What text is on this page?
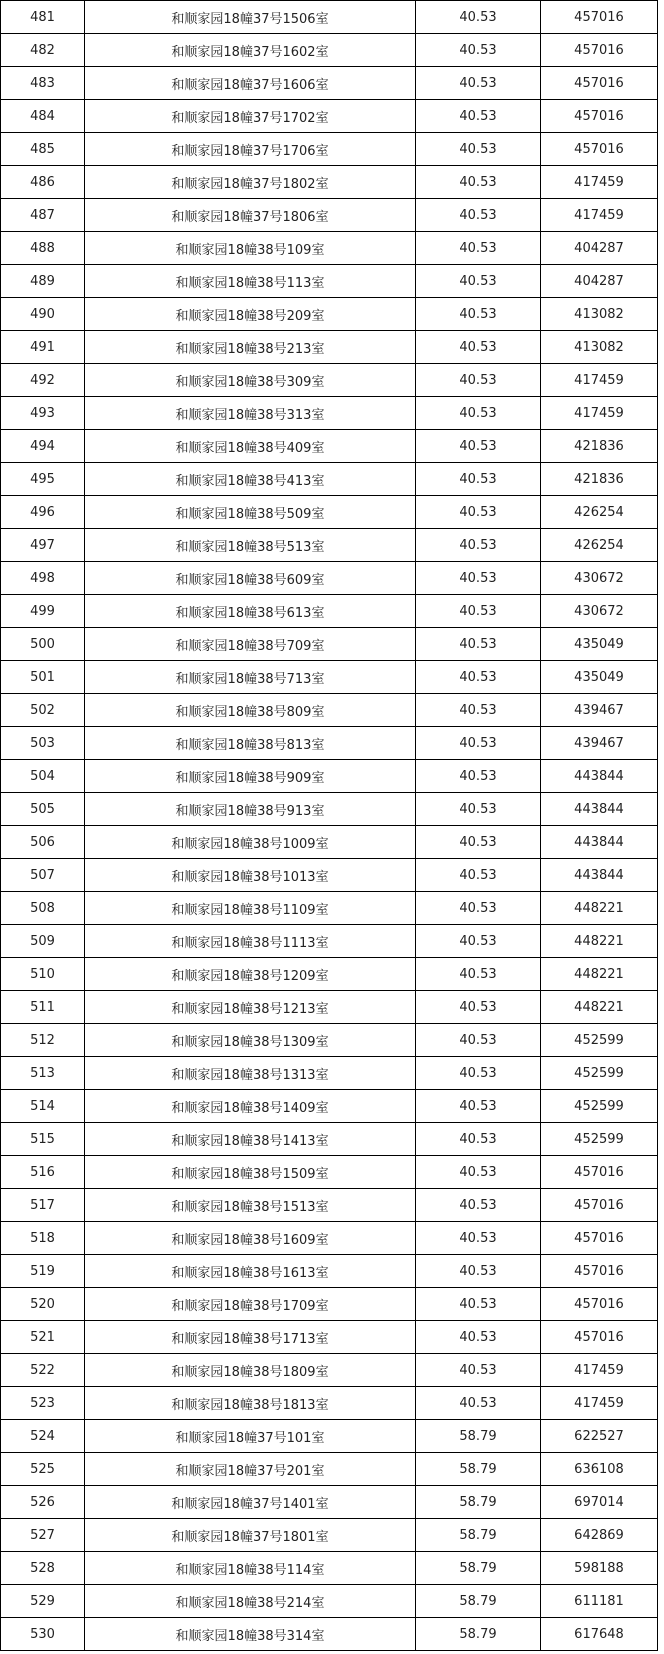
481	和顺家园18幢37号1506室	40.53	457016
482	和顺家园18幢37号1602室	40.53	457016
483	和顺家园18幢37号1606室	40.53	457016
484	和顺家园18幢37号1702室	40.53	457016
485	和顺家园18幢37号1706室	40.53	457016
486	和顺家园18幢37号1802室	40.53	417459
487	和顺家园18幢37号1806室	40.53	417459
488	和顺家园18幢38号109室	40.53	404287
489	和顺家园18幢38号113室	40.53	404287
490	和顺家园18幢38号209室	40.53	413082
491	和顺家园18幢38号213室	40.53	413082
492	和顺家园18幢38号309室	40.53	417459
493	和顺家园18幢38号313室	40.53	417459
494	和顺家园18幢38号409室	40.53	421836
495	和顺家园18幢38号413室	40.53	421836
496	和顺家园18幢38号509室	40.53	426254
497	和顺家园18幢38号513室	40.53	426254
498	和顺家园18幢38号609室	40.53	430672
499	和顺家园18幢38号613室	40.53	430672
500	和顺家园18幢38号709室	40.53	435049
501	和顺家园18幢38号713室	40.53	435049
502	和顺家园18幢38号809室	40.53	439467
503	和顺家园18幢38号813室	40.53	439467
504	和顺家园18幢38号909室	40.53	443844
505	和顺家园18幢38号913室	40.53	443844
506	和顺家园18幢38号1009室	40.53	443844
507	和顺家园18幢38号1013室	40.53	443844
508	和顺家园18幢38号1109室	40.53	448221
509	和顺家园18幢38号1113室	40.53	448221
510	和顺家园18幢38号1209室	40.53	448221
511	和顺家园18幢38号1213室	40.53	448221
512	和顺家园18幢38号1309室	40.53	452599
513	和顺家园18幢38号1313室	40.53	452599
514	和顺家园18幢38号1409室	40.53	452599
515	和顺家园18幢38号1413室	40.53	452599
516	和顺家园18幢38号1509室	40.53	457016
517	和顺家园18幢38号1513室	40.53	457016
518	和顺家园18幢38号1609室	40.53	457016
519	和顺家园18幢38号1613室	40.53	457016
520	和顺家园18幢38号1709室	40.53	457016
521	和顺家园18幢38号1713室	40.53	457016
522	和顺家园18幢38号1809室	40.53	417459
523	和顺家园18幢38号1813室	40.53	417459
524	和顺家园18幢37号101室	58.79	622527
525	和顺家园18幢37号201室	58.79	636108
526	和顺家园18幢37号1401室	58.79	697014
527	和顺家园18幢37号1801室	58.79	642869
528	和顺家园18幢38号114室	58.79	598188
529	和顺家园18幢38号214室	58.79	611181
530	和顺家园18幢38号314室	58.79	617648
